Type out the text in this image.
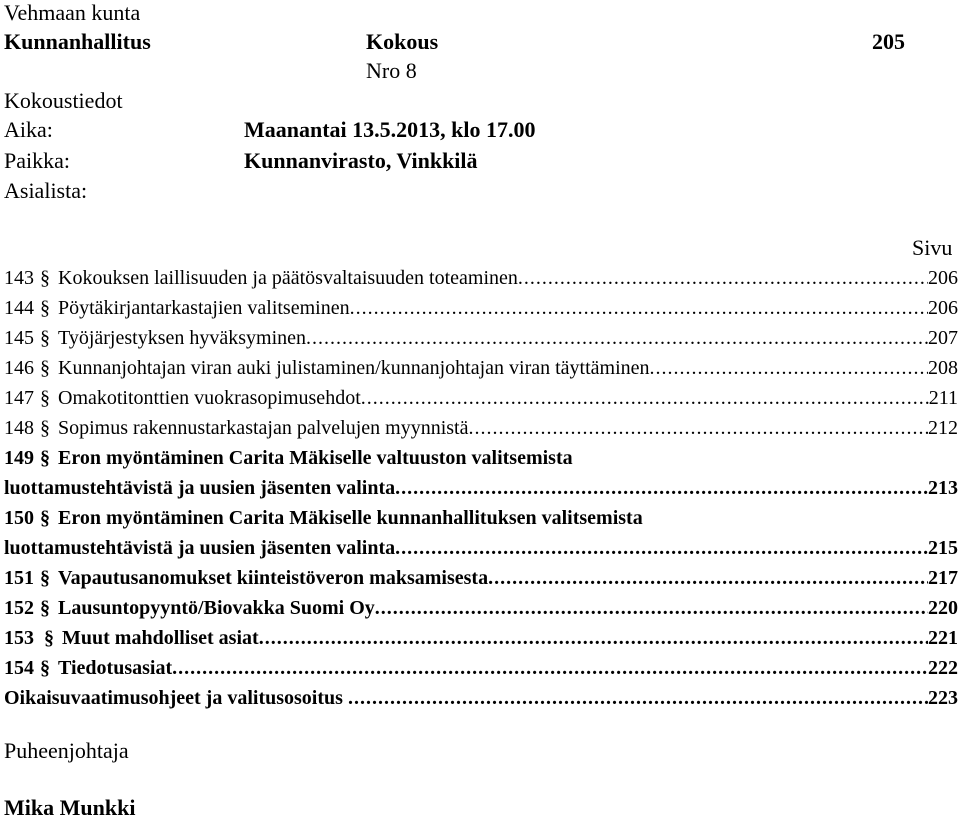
Vehmaan kunta
Kunnanhallitus	Kokous	205
Nro 8
Kokoustiedot
Aika:	Maanantai 13.5.2013, klo 17.00
Paikka:	Kunnanvirasto, Vinkkilä
Asialista:
Sivu
143 § Kokouksen laillisuuden ja päätösvaltaisuuden toteaminen .....	206
144 § Pöytäkirjantarkastajien valitseminen .....	206
145 § Työjärjestyksen hyväksyminen .....	207
146 § Kunnanjohtajan viran auki julistaminen/kunnanjohtajan viran täyttäminen .....	208
147 § Omakotitonttien vuokrasopimusehdot .....	211
148 § Sopimus rakennustarkastajan palvelujen myynnistä .....	212
149 § Eron myöntäminen Carita Mäkiselle valtuuston valitsemista
luottamustehtävistä ja uusien jäsenten valinta .....	213
150 § Eron myöntäminen Carita Mäkiselle kunnanhallituksen valitsemista
luottamustehtävistä ja uusien jäsenten valinta .....	215
151 § Vapautusanomukset kiinteistöveron maksamisesta .....	217
152 § Lausuntopyyntö/Biovakka Suomi Oy .....	220
153 § Muut mahdolliset asiat .....	221
154 § Tiedotusasiat .....	222
Oikaisuvaatimusohjeet ja valitusosoitus .....	223
Puheenjohtaja
Mika Munkki
